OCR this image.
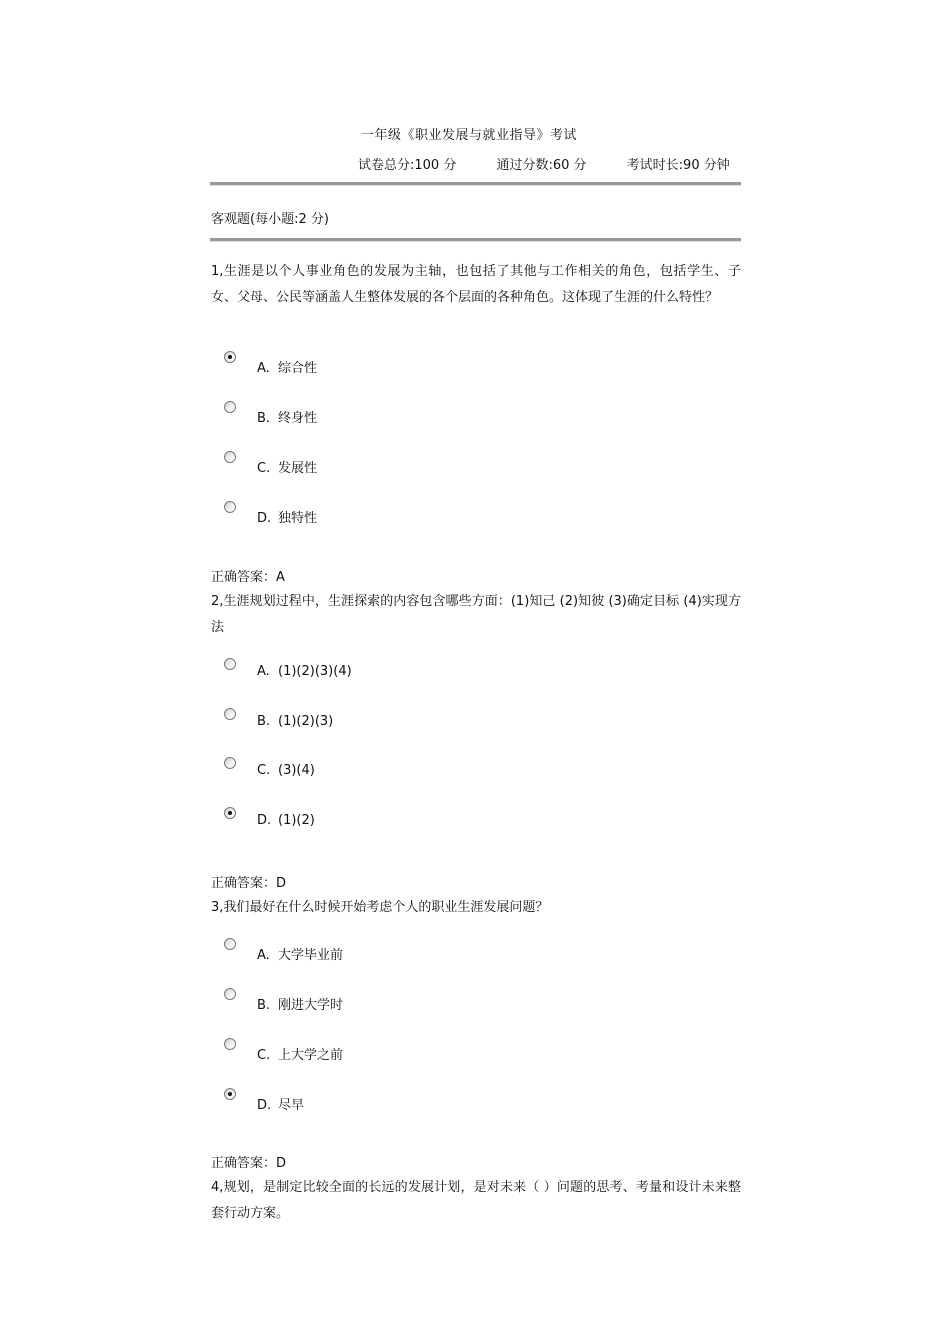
一年级《职业发展与就业指导》考试
试卷总分:100 分	通过分数:60 分	考试时长:90 分钟
客观题(每小题:2 分)
1,生涯是以个人事业角色的发展为主轴，也包括了其他与工作相关的角色，包括学生、子女、父母、公民等涵盖人生整体发展的各个层面的各种角色。这体现了生涯的什么特性？
A. 综合性
B. 终身性
C. 发展性
D. 独特性
正确答案：A
2,生涯规划过程中，生涯探索的内容包含哪些方面：(1)知己 (2)知彼 (3)确定目标 (4)实现方法
A. (1)(2)(3)(4)
B. (1)(2)(3)
C. (3)(4)
D. (1)(2)
正确答案：D
3,我们最好在什么时候开始考虑个人的职业生涯发展问题？
A. 大学毕业前
B. 刚进大学时
C. 上大学之前
D. 尽早
正确答案：D
4,规划，是制定比较全面的长远的发展计划，是对未来（ ）问题的思考、考量和设计未来整套行动方案。
